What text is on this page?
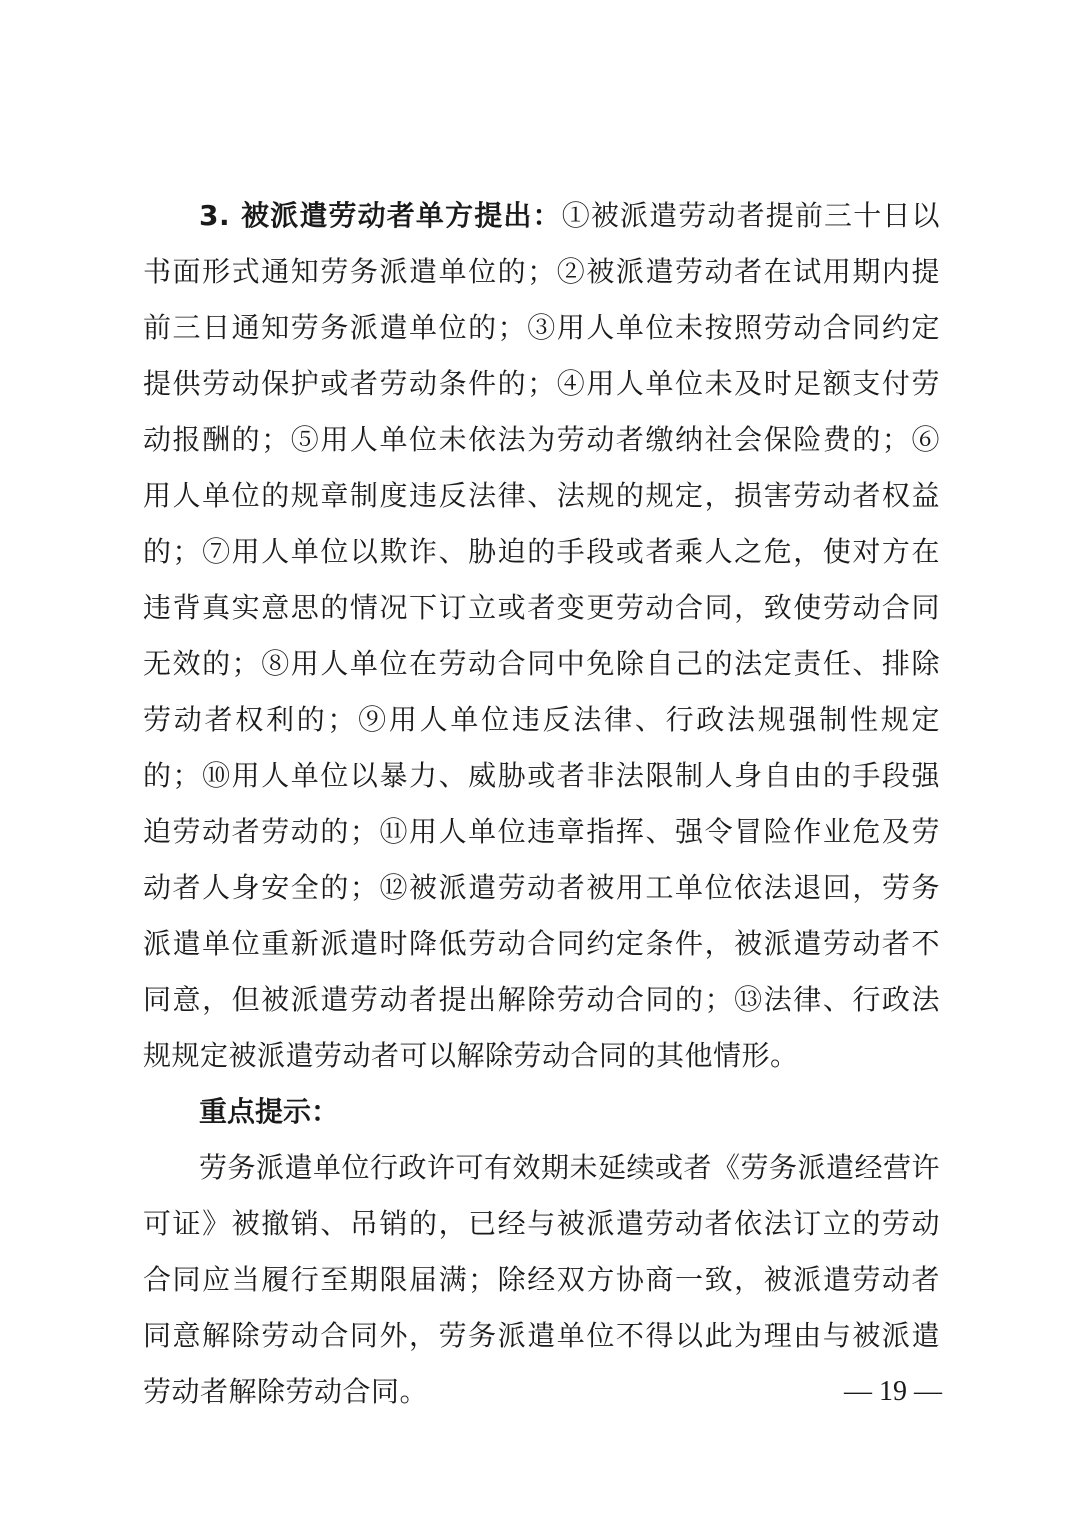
3. 被派遣劳动者单方提出：①被派遣劳动者提前三十日以书面形式通知劳务派遣单位的；②被派遣劳动者在试用期内提前三日通知劳务派遣单位的；③用人单位未按照劳动合同约定提供劳动保护或者劳动条件的；④用人单位未及时足额支付劳动报酬的；⑤用人单位未依法为劳动者缴纳社会保险费的；⑥用人单位的规章制度违反法律、法规的规定，损害劳动者权益的；⑦用人单位以欺诈、胁迫的手段或者乘人之危，使对方在违背真实意思的情况下订立或者变更劳动合同，致使劳动合同无效的；⑧用人单位在劳动合同中免除自己的法定责任、排除劳动者权利的；⑨用人单位违反法律、行政法规强制性规定的；⑩用人单位以暴力、威胁或者非法限制人身自由的手段强迫劳动者劳动的；⑪用人单位违章指挥、强令冒险作业危及劳动者人身安全的；⑫被派遣劳动者被用工单位依法退回，劳务派遣单位重新派遣时降低劳动合同约定条件，被派遣劳动者不同意，但被派遣劳动者提出解除劳动合同的；⑬法律、行政法规规定被派遣劳动者可以解除劳动合同的其他情形。

重点提示：

劳务派遣单位行政许可有效期未延续或者《劳务派遣经营许可证》被撤销、吊销的，已经与被派遣劳动者依法订立的劳动合同应当履行至期限届满；除经双方协商一致，被派遣劳动者同意解除劳动合同外，劳务派遣单位不得以此为理由与被派遣劳动者解除劳动合同。	— 19 —
